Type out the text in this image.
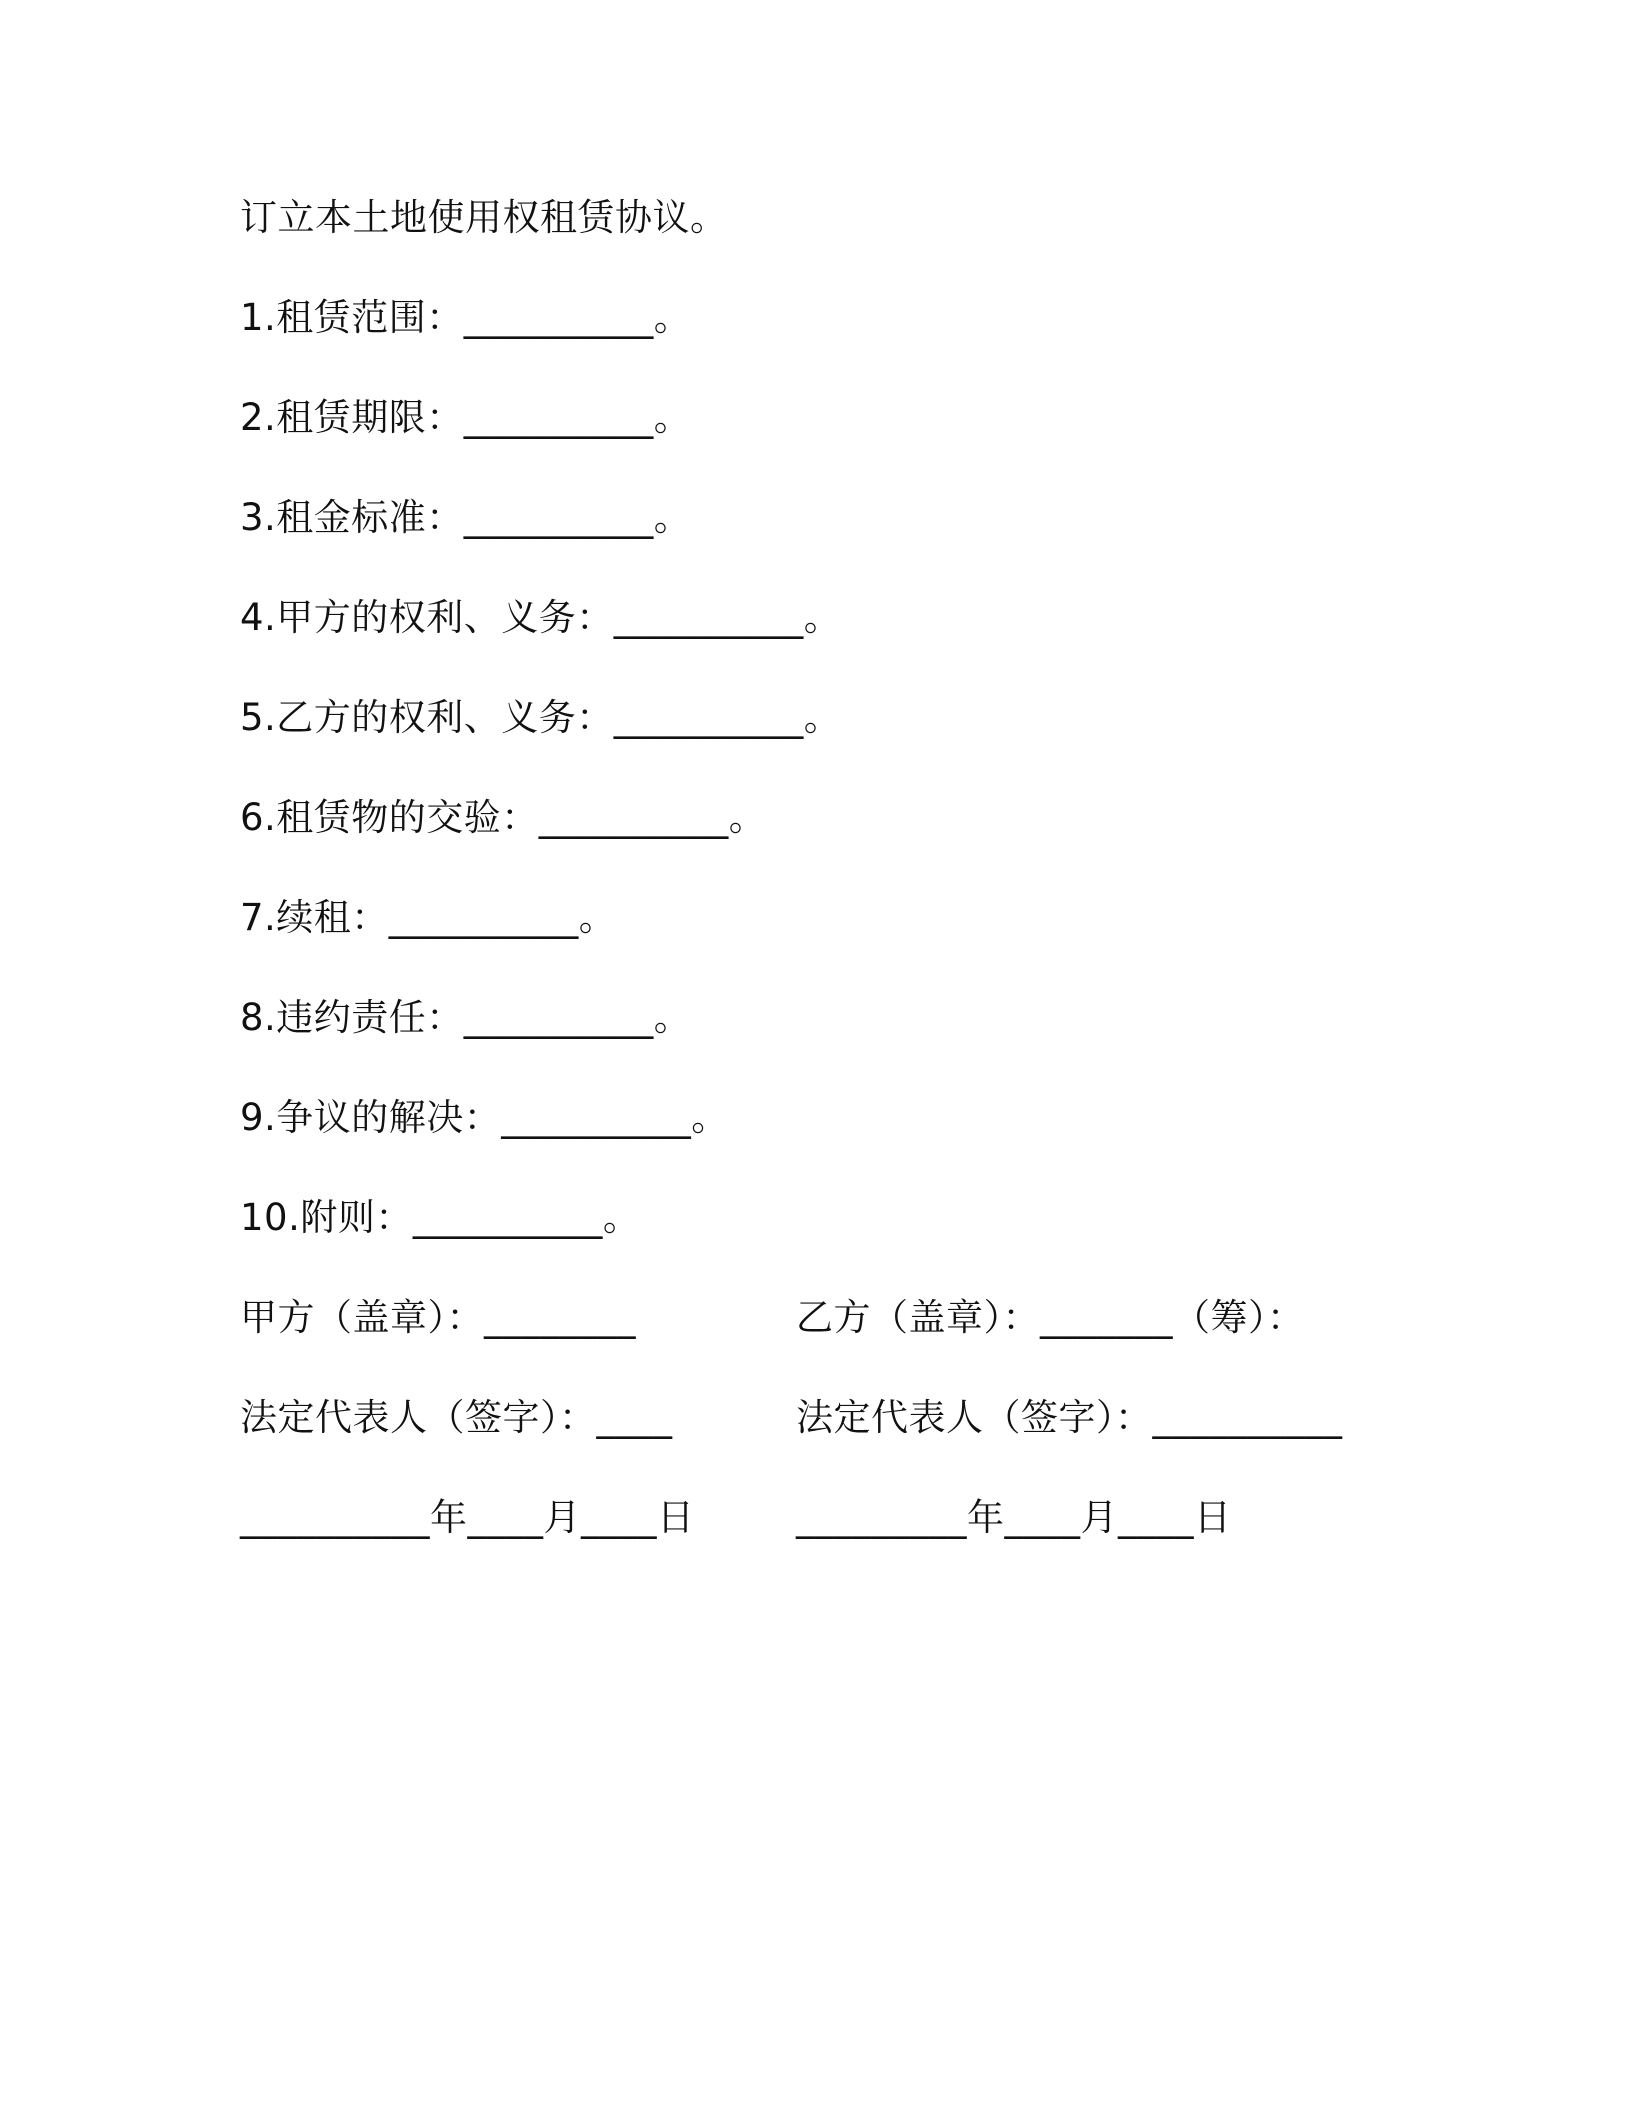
订立本土地使用权租赁协议。
1.租赁范围：__________。
2.租赁期限：__________。
3.租金标准：__________。
4.甲方的权利、义务：__________。
5.乙方的权利、义务：__________。
6.租赁物的交验：__________。
7.续租：__________。
8.违约责任：__________。
9.争议的解决：__________。
10.附则：__________。
甲方（盖章）：________	乙方（盖章）：_______（筹）：
法定代表人（签字）：____	法定代表人（签字）：__________
__________年____月____日	_________年____月____日
